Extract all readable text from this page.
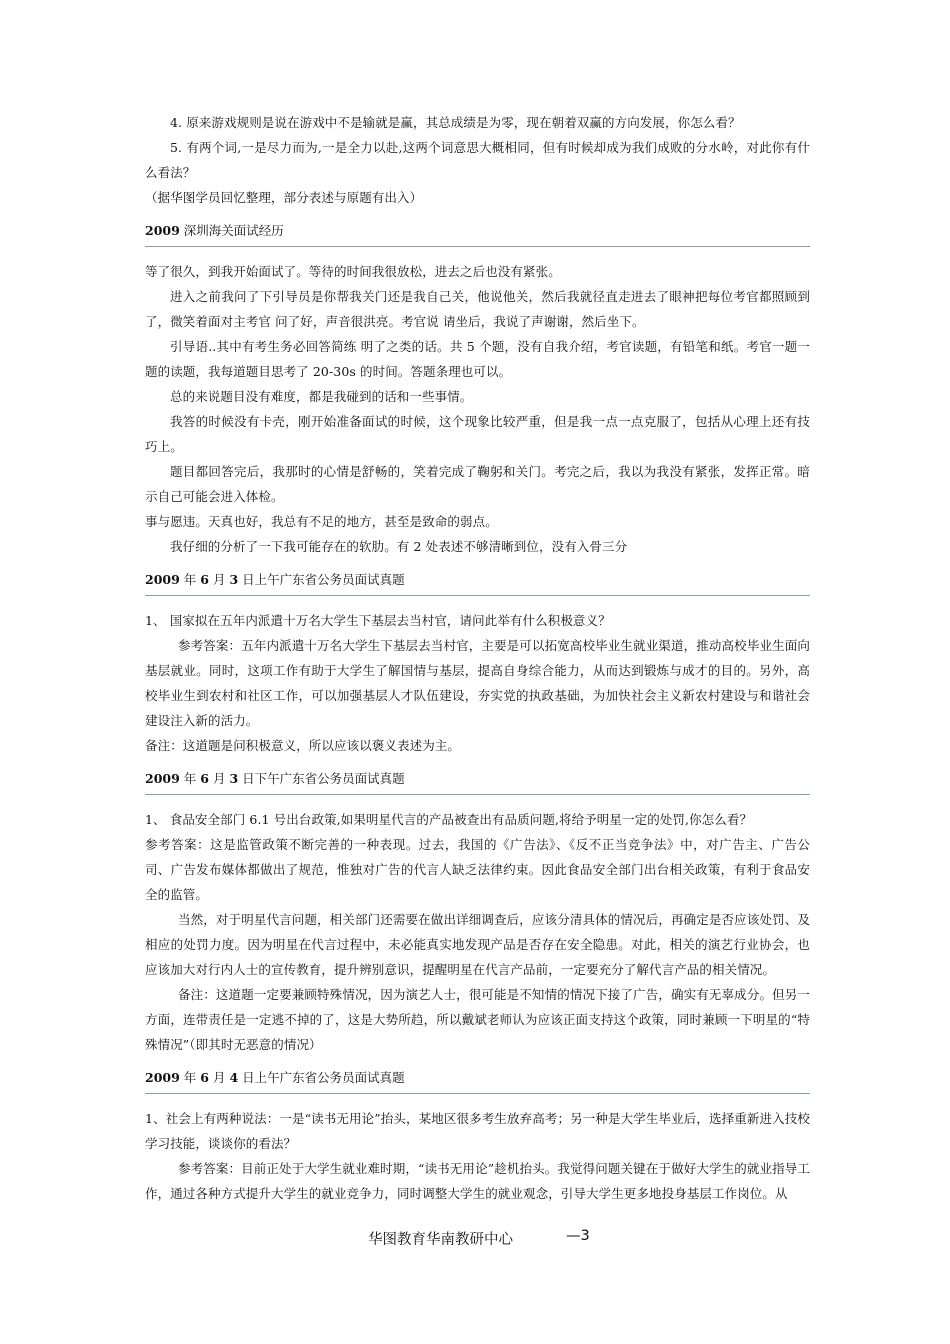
4. 原来游戏规则是说在游戏中不是输就是赢，其总成绩是为零，现在朝着双赢的方向发展，你怎么看？

5. 有两个词,一是尽力而为,一是全力以赴,这两个词意思大概相同，但有时候却成为我们成败的分水岭，对此你有什么看法？

（据华图学员回忆整理，部分表述与原题有出入）

2009 深圳海关面试经历

等了很久，到我开始面试了。等待的时间我很放松，进去之后也没有紧张。

进入之前我问了下引导员是你帮我关门还是我自己关，他说他关，然后我就径直走进去了眼神把每位考官都照顾到了，微笑着面对主考官 问了好，声音很洪亮。考官说 请坐后，我说了声谢谢，然后坐下。

引导语..其中有考生务必回答简练 明了之类的话。共 5 个题，没有自我介绍，考官读题，有铅笔和纸。考官一题一题的读题，我每道题目思考了 20-30s 的时间。答题条理也可以。

总的来说题目没有难度，都是我碰到的话和一些事情。

我答的时候没有卡壳，刚开始准备面试的时候，这个现象比较严重，但是我一点一点克服了，包括从心理上还有技巧上。

题目都回答完后，我那时的心情是舒畅的，笑着完成了鞠躬和关门。考完之后，我以为我没有紧张，发挥正常。暗示自己可能会进入体检。

事与愿违。天真也好，我总有不足的地方，甚至是致命的弱点。

我仔细的分析了一下我可能存在的软肋。有 2 处表述不够清晰到位，没有入骨三分

2009 年 6 月 3 日上午广东省公务员面试真题

1、 国家拟在五年内派遣十万名大学生下基层去当村官，请问此举有什么积极意义？

参考答案：五年内派遣十万名大学生下基层去当村官，主要是可以拓宽高校毕业生就业渠道，推动高校毕业生面向基层就业。同时，这项工作有助于大学生了解国情与基层，提高自身综合能力，从而达到锻炼与成才的目的。另外，高校毕业生到农村和社区工作，可以加强基层人才队伍建设，夯实党的执政基础，为加快社会主义新农村建设与和谐社会建设注入新的活力。

备注：这道题是问积极意义，所以应该以褒义表述为主。

2009 年 6 月 3 日下午广东省公务员面试真题

1、 食品安全部门 6.1 号出台政策,如果明星代言的产品被查出有品质问题,将给予明星一定的处罚,你怎么看？

参考答案：这是监管政策不断完善的一种表现。过去，我国的《广告法》、《反不正当竞争法》中，对广告主、广告公司、广告发布媒体都做出了规范，惟独对广告的代言人缺乏法律约束。因此食品安全部门出台相关政策，有利于食品安全的监管。

当然，对于明星代言问题，相关部门还需要在做出详细调查后，应该分清具体的情况后，再确定是否应该处罚、及相应的处罚力度。因为明星在代言过程中，未必能真实地发现产品是否存在安全隐患。对此，相关的演艺行业协会，也应该加大对行内人士的宣传教育，提升辨别意识，提醒明星在代言产品前，一定要充分了解代言产品的相关情况。

备注：这道题一定要兼顾特殊情况，因为演艺人士，很可能是不知情的情况下接了广告，确实有无辜成分。但另一方面，连带责任是一定逃不掉的了，这是大势所趋，所以戴斌老师认为应该正面支持这个政策，同时兼顾一下明星的“特殊情况”（即其时无恶意的情况）

2009 年 6 月 4 日上午广东省公务员面试真题

1、社会上有两种说法：一是“读书无用论”抬头，某地区很多考生放弃高考；另一种是大学生毕业后，选择重新进入技校学习技能，谈谈你的看法？

参考答案：目前正处于大学生就业难时期，“读书无用论”趁机抬头。我觉得问题关键在于做好大学生的就业指导工作，通过各种方式提升大学生的就业竞争力，同时调整大学生的就业观念，引导大学生更多地投身基层工作岗位。从

华图教育华南教研中心	—3
